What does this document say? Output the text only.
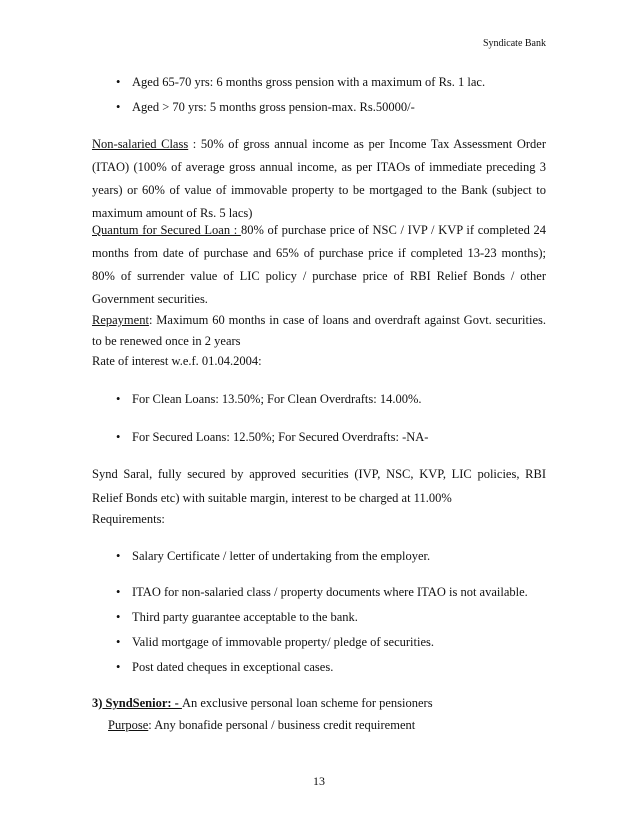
Syndicate Bank
• Aged 65-70 yrs: 6 months gross pension with a maximum of Rs. 1 lac.
• Aged > 70 yrs: 5 months gross pension-max. Rs.50000/-
Non-salaried Class : 50% of gross annual income as per Income Tax Assessment Order
(ITAO) (100% of average gross annual income, as per ITAOs of immediate preceding 3
years) or 60% of value of immovable property to be mortgaged to the Bank (subject to
maximum amount of Rs. 5 lacs)
Quantum for Secured Loan : 80% of purchase price of NSC / IVP / KVP if completed 24
months from date of purchase and 65% of purchase price if completed 13-23 months);
80% of surrender value of LIC policy / purchase price of RBI Relief Bonds / other
Government securities.
Repayment: Maximum 60 months in case of loans and overdraft against Govt. securities.
to be renewed once in 2 years
Rate of interest w.e.f. 01.04.2004:
• For Clean Loans: 13.50%; For Clean Overdrafts: 14.00%.
• For Secured Loans: 12.50%; For Secured Overdrafts: -NA-
Synd Saral, fully secured by approved securities (IVP, NSC, KVP, LIC policies, RBI
Relief Bonds etc) with suitable margin, interest to be charged at 11.00%
Requirements:
• Salary Certificate / letter of undertaking from the employer.
• ITAO for non-salaried class / property documents where ITAO is not available.
• Third party guarantee acceptable to the bank.
• Valid mortgage of immovable property/ pledge of securities.
• Post dated cheques in exceptional cases.
3) SyndSenior: - An exclusive personal loan scheme for pensioners
Purpose: Any bonafide personal / business credit requirement
13
